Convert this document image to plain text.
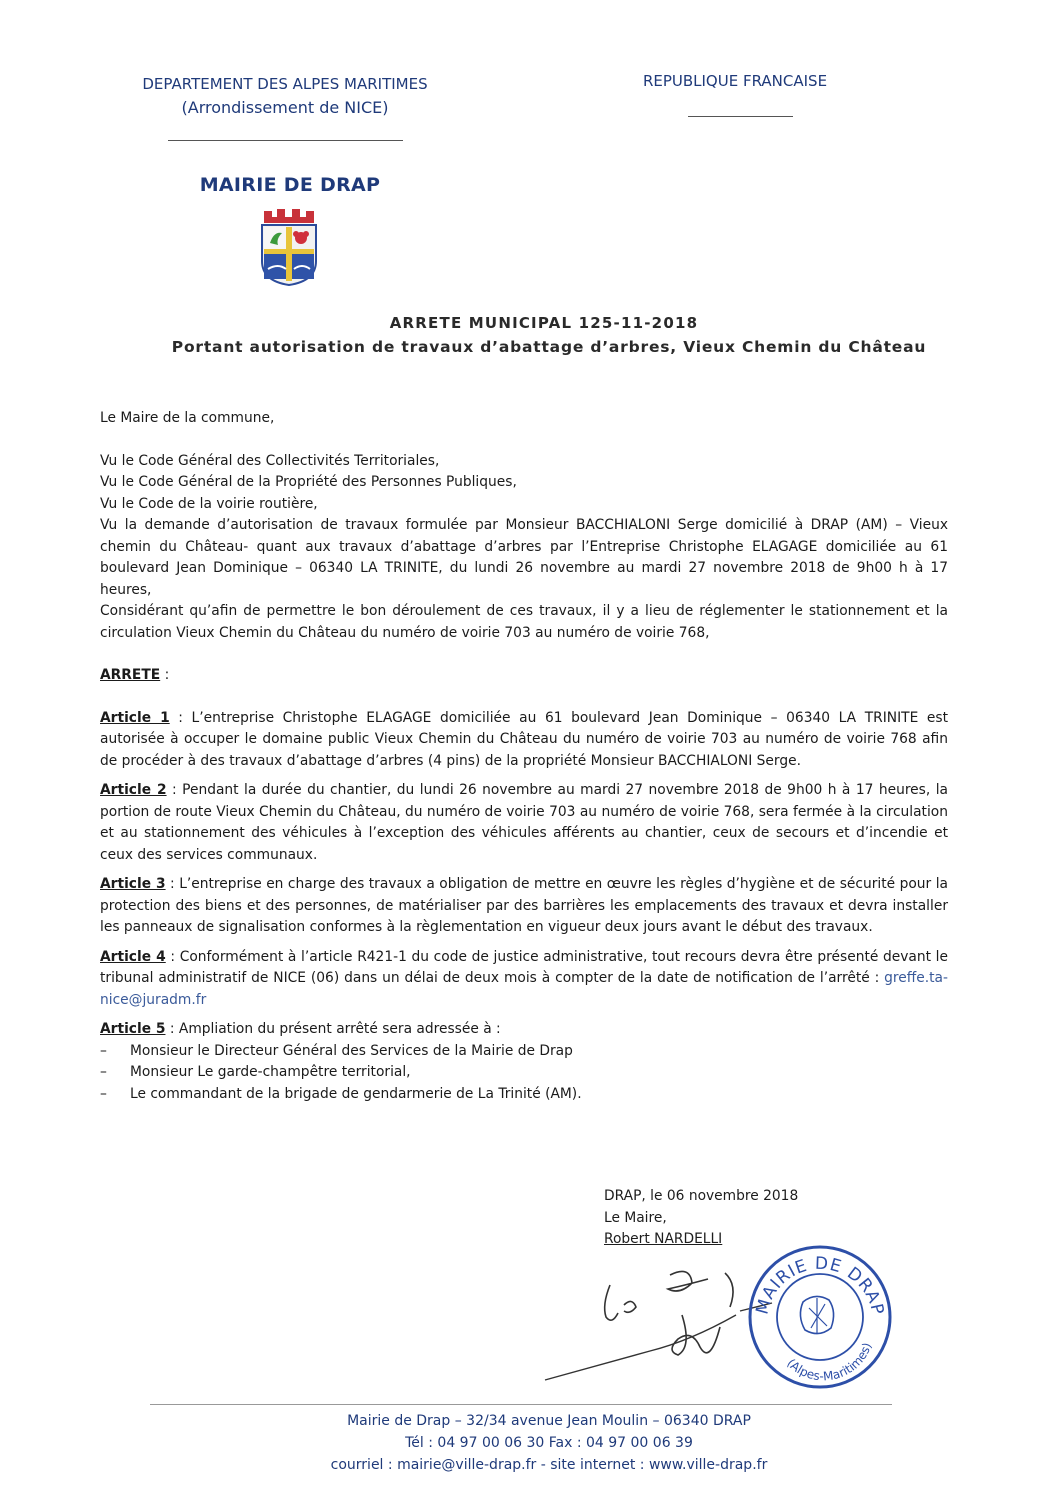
DEPARTEMENT DES ALPES MARITIMES
(Arrondissement de NICE)
REPUBLIQUE FRANCAISE
MAIRIE DE DRAP
ARRETE MUNICIPAL 125-11-2018
Portant autorisation de travaux d’abattage d’arbres, Vieux Chemin du Château

Le Maire de la commune,

Vu le Code Général des Collectivités Territoriales,

Vu le Code Général de la Propriété des Personnes Publiques,

Vu le Code de la voirie routière,

Vu la demande d’autorisation de travaux formulée par Monsieur BACCHIALONI Serge domicilié à DRAP (AM) – Vieux chemin du Château- quant aux travaux d’abattage d’arbres par l’Entreprise Christophe ELAGAGE domiciliée au 61 boulevard Jean Dominique – 06340 LA TRINITE, du lundi 26 novembre au mardi 27 novembre 2018 de 9h00 h à 17 heures,

Considérant qu’afin de permettre le bon déroulement de ces travaux, il y a lieu de réglementer le stationnement et la circulation Vieux Chemin du Château du numéro de voirie 703 au numéro de voirie 768,

ARRETE :

Article 1 : L’entreprise Christophe ELAGAGE domiciliée au 61 boulevard Jean Dominique – 06340 LA TRINITE est autorisée à occuper le domaine public Vieux Chemin du Château du numéro de voirie 703 au numéro de voirie 768 afin de procéder à des travaux d’abattage d’arbres (4 pins) de la propriété Monsieur BACCHIALONI Serge.

Article 2 : Pendant la durée du chantier, du lundi 26 novembre au mardi 27 novembre 2018 de 9h00 h à 17 heures, la portion de route Vieux Chemin du Château, du numéro de voirie 703 au numéro de voirie 768, sera fermée à la circulation et au stationnement des véhicules à l’exception des véhicules afférents au chantier, ceux de secours et d’incendie et ceux des services communaux.

Article 3 : L’entreprise en charge des travaux a obligation de mettre en œuvre les règles d’hygiène et de sécurité pour la protection des biens et des personnes, de matérialiser par des barrières les emplacements des travaux et devra installer les panneaux de signalisation conformes à la règlementation en vigueur deux jours avant le début des travaux.

Article 4 : Conformément à l’article R421-1 du code de justice administrative, tout recours devra être présenté devant le tribunal administratif de NICE (06) dans un délai de deux mois à compter de la date de notification de l’arrêté : greffe.ta-nice@juradm.fr

Article 5 : Ampliation du présent arrêté sera adressée à :

–	Monsieur le Directeur Général des Services de la Mairie de Drap
–	Monsieur Le garde-champêtre territorial,
–	Le commandant de la brigade de gendarmerie de La Trinité (AM).
DRAP, le 06 novembre 2018
Le Maire,
Robert NARDELLI
MAIRIE DE DRAP
(Alpes-Maritimes)
Mairie de Drap – 32/34 avenue Jean Moulin – 06340 DRAP
Tél : 04 97 00 06 30 Fax : 04 97 00 06 39
courriel : mairie@ville-drap.fr - site internet : www.ville-drap.fr
